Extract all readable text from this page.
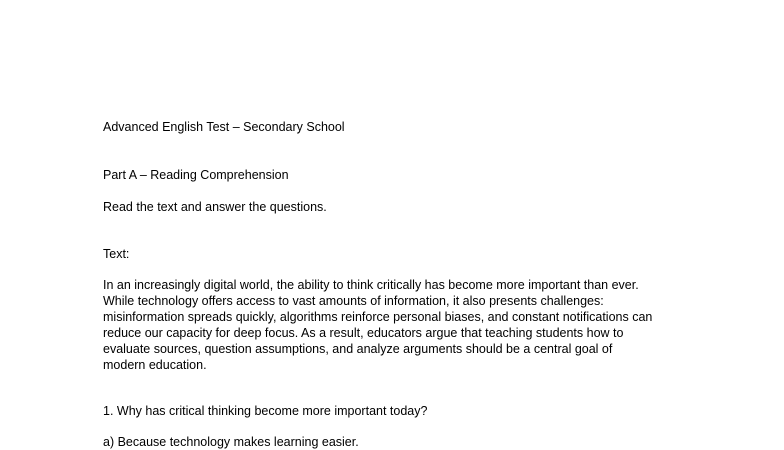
Advanced English Test – Secondary School
Part A – Reading Comprehension
Read the text and answer the questions.
Text:
In an increasingly digital world, the ability to think critically has become more important than ever.
While technology offers access to vast amounts of information, it also presents challenges:
misinformation spreads quickly, algorithms reinforce personal biases, and constant notifications can
reduce our capacity for deep focus. As a result, educators argue that teaching students how to
evaluate sources, question assumptions, and analyze arguments should be a central goal of
modern education.
1. Why has critical thinking become more important today?
a) Because technology makes learning easier.
